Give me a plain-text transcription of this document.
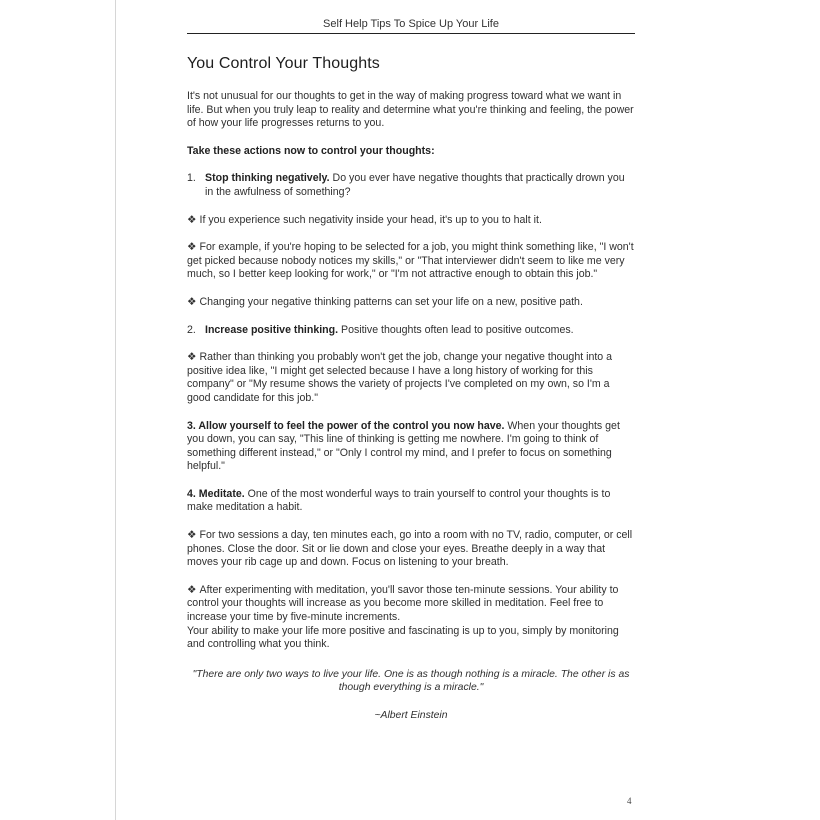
Self Help Tips To Spice Up Your Life
You Control Your Thoughts

It's not unusual for our thoughts to get in the way of making progress toward what we want in life. But when you truly leap to reality and determine what you're thinking and feeling, the power of how your life progresses returns to you.

Take these actions now to control your thoughts:

1. Stop thinking negatively. Do you ever have negative thoughts that practically drown you in the awfulness of something?

❖ If you experience such negativity inside your head, it's up to you to halt it.

❖ For example, if you're hoping to be selected for a job, you might think something like, "I won't get picked because nobody notices my skills," or "That interviewer didn't seem to like me very much, so I better keep looking for work," or "I'm not attractive enough to obtain this job."

❖ Changing your negative thinking patterns can set your life on a new, positive path.

2. Increase positive thinking. Positive thoughts often lead to positive outcomes.

❖ Rather than thinking you probably won't get the job, change your negative thought into a positive idea like, "I might get selected because I have a long history of working for this company" or "My resume shows the variety of projects I've completed on my own, so I'm a good candidate for this job."

3. Allow yourself to feel the power of the control you now have. When your thoughts get you down, you can say, "This line of thinking is getting me nowhere. I'm going to think of something different instead," or "Only I control my mind, and I prefer to focus on something helpful."

4. Meditate. One of the most wonderful ways to train yourself to control your thoughts is to make meditation a habit.

❖ For two sessions a day, ten minutes each, go into a room with no TV, radio, computer, or cell phones. Close the door. Sit or lie down and close your eyes. Breathe deeply in a way that moves your rib cage up and down. Focus on listening to your breath.

❖ After experimenting with meditation, you'll savor those ten-minute sessions. Your ability to control your thoughts will increase as you become more skilled in meditation. Feel free to increase your time by five-minute increments.

Your ability to make your life more positive and fascinating is up to you, simply by monitoring and controlling what you think.

"There are only two ways to live your life. One is as though nothing is a miracle. The other is as though everything is a miracle."

~Albert Einstein

4
